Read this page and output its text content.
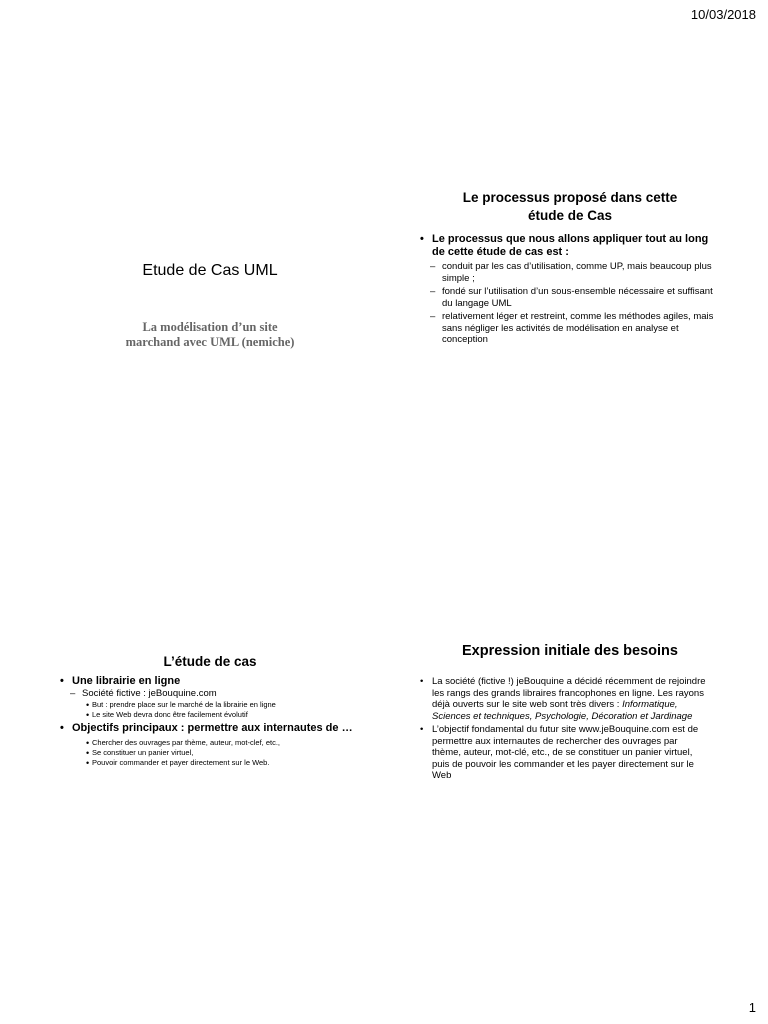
10/03/2018
Etude de Cas UML
La modélisation d’un site
marchand avec UML (nemiche)
Le processus proposé dans cette
étude de Cas
• Le processus que nous allons appliquer tout au long de cette étude de cas est :
– conduit par les cas d’utilisation, comme UP, mais beaucoup plus simple ;
– fondé sur l’utilisation d’un sous-ensemble nécessaire et suffisant du langage UML
– relativement léger et restreint, comme les méthodes agiles, mais sans négliger les activités de modélisation en analyse et conception
L’étude de cas
• Une librairie en ligne
– Société fictive : jeBouquine.com
• But : prendre place sur le marché de la librairie en ligne
• Le site Web devra donc être facilement évolutif
• Objectifs principaux : permettre aux internautes de …
• Chercher des ouvrages par thème, auteur, mot-clef, etc.,
• Se constituer un panier virtuel,
• Pouvoir commander et payer directement sur le Web.
Expression initiale des besoins
• La société (fictive !) jeBouquine a décidé récemment de rejoindre les rangs des grands libraires francophones en ligne. Les rayons déjà ouverts sur le site web sont très divers : Informatique, Sciences et techniques, Psychologie, Décoration et Jardinage
• L’objectif fondamental du futur site www.jeBouquine.com est de permettre aux internautes de rechercher des ouvrages par thème, auteur, mot-clé, etc., de se constituer un panier virtuel, puis de pouvoir les commander et les payer directement sur le Web
1
